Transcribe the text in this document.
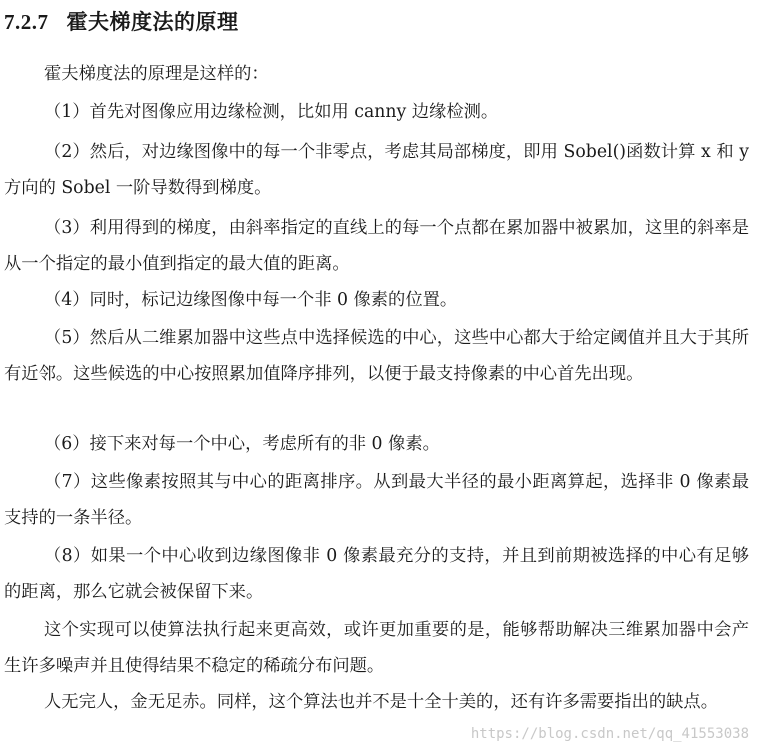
7.2.7 霍夫梯度法的原理

霍夫梯度法的原理是这样的：

（1）首先对图像应用边缘检测，比如用 canny 边缘检测。

（2）然后，对边缘图像中的每一个非零点，考虑其局部梯度，即用 Sobel()函数计算 x 和 y 方向的 Sobel 一阶导数得到梯度。

（3）利用得到的梯度，由斜率指定的直线上的每一个点都在累加器中被累加，这里的斜率是从一个指定的最小值到指定的最大值的距离。

（4）同时，标记边缘图像中每一个非 0 像素的位置。

（5）然后从二维累加器中这些点中选择候选的中心，这些中心都大于给定阈值并且大于其所有近邻。这些候选的中心按照累加值降序排列，以便于最支持像素的中心首先出现。

（6）接下来对每一个中心，考虑所有的非 0 像素。

（7）这些像素按照其与中心的距离排序。从到最大半径的最小距离算起，选择非 0 像素最支持的一条半径。

（8）如果一个中心收到边缘图像非 0 像素最充分的支持，并且到前期被选择的中心有足够的距离，那么它就会被保留下来。

这个实现可以使算法执行起来更高效，或许更加重要的是，能够帮助解决三维累加器中会产生许多噪声并且使得结果不稳定的稀疏分布问题。

人无完人，金无足赤。同样，这个算法也并不是十全十美的，还有许多需要指出的缺点。

https://blog.csdn.net/qq_41553038
